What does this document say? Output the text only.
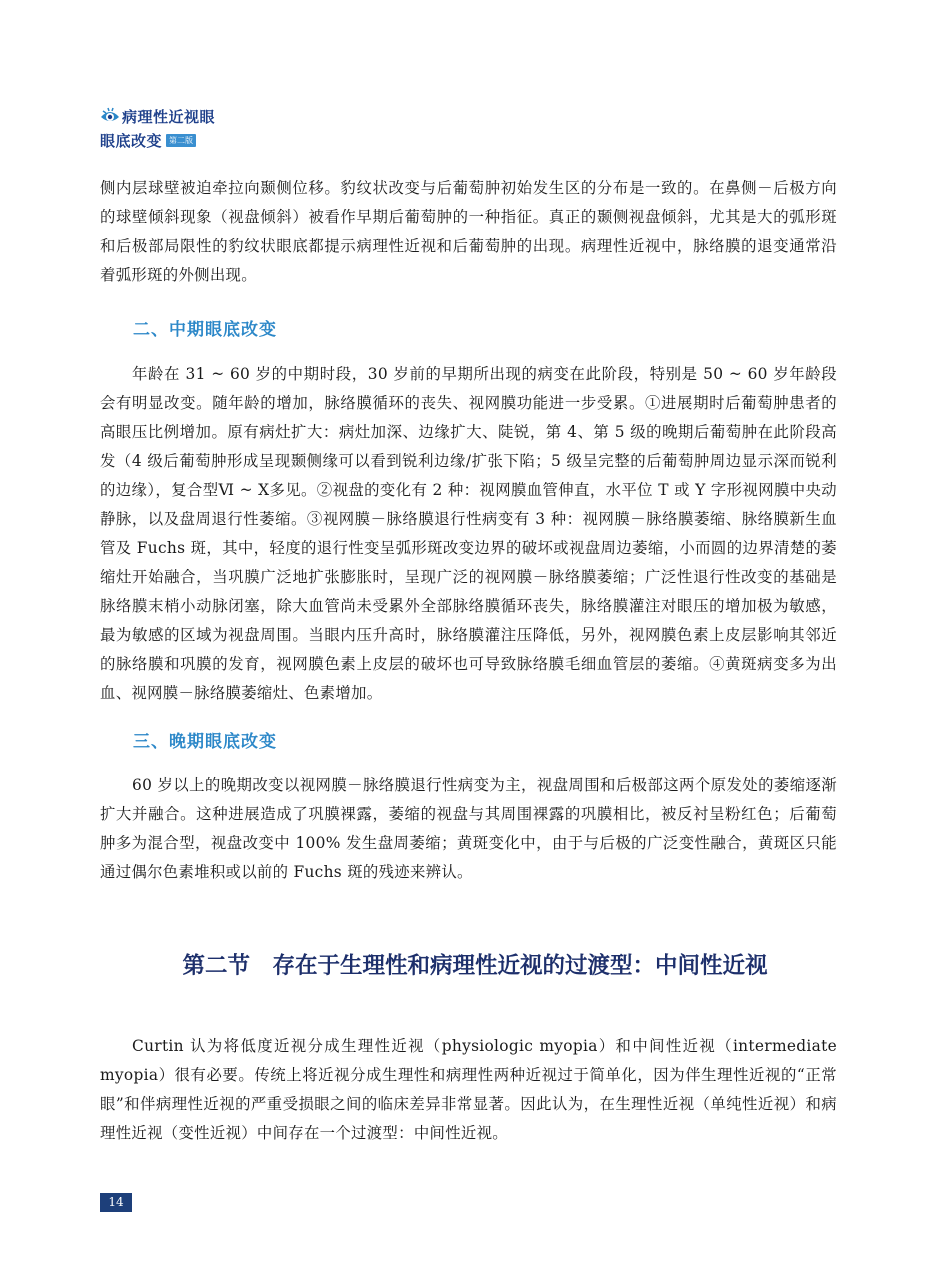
病理性近视眼
眼底改变 第二版

侧内层球壁被迫牵拉向颞侧位移。豹纹状改变与后葡萄肿初始发生区的分布是一致的。在鼻侧－后极方向的球壁倾斜现象（视盘倾斜）被看作早期后葡萄肿的一种指征。真正的颞侧视盘倾斜，尤其是大的弧形斑和后极部局限性的豹纹状眼底都提示病理性近视和后葡萄肿的出现。病理性近视中，脉络膜的退变通常沿着弧形斑的外侧出现。

二、中期眼底改变

年龄在 31 ~ 60 岁的中期时段，30 岁前的早期所出现的病变在此阶段，特别是 50 ~ 60 岁年龄段会有明显改变。随年龄的增加，脉络膜循环的丧失、视网膜功能进一步受累。①进展期时后葡萄肿患者的高眼压比例增加。原有病灶扩大：病灶加深、边缘扩大、陡锐，第 4、第 5 级的晚期后葡萄肿在此阶段高发（4 级后葡萄肿形成呈现颞侧缘可以看到锐利边缘/扩张下陷；5 级呈完整的后葡萄肿周边显示深而锐利的边缘），复合型Ⅵ ~ Ⅹ多见。②视盘的变化有 2 种：视网膜血管伸直，水平位 T 或 Y 字形视网膜中央动静脉，以及盘周退行性萎缩。③视网膜－脉络膜退行性病变有 3 种：视网膜－脉络膜萎缩、脉络膜新生血管及 Fuchs 斑，其中，轻度的退行性变呈弧形斑改变边界的破坏或视盘周边萎缩，小而圆的边界清楚的萎缩灶开始融合，当巩膜广泛地扩张膨胀时，呈现广泛的视网膜－脉络膜萎缩；广泛性退行性改变的基础是脉络膜末梢小动脉闭塞，除大血管尚未受累外全部脉络膜循环丧失，脉络膜灌注对眼压的增加极为敏感，最为敏感的区域为视盘周围。当眼内压升高时，脉络膜灌注压降低，另外，视网膜色素上皮层影响其邻近的脉络膜和巩膜的发育，视网膜色素上皮层的破坏也可导致脉络膜毛细血管层的萎缩。④黄斑病变多为出血、视网膜－脉络膜萎缩灶、色素增加。

三、晚期眼底改变

60 岁以上的晚期改变以视网膜－脉络膜退行性病变为主，视盘周围和后极部这两个原发处的萎缩逐渐扩大并融合。这种进展造成了巩膜裸露，萎缩的视盘与其周围裸露的巩膜相比，被反衬呈粉红色；后葡萄肿多为混合型，视盘改变中 100% 发生盘周萎缩；黄斑变化中，由于与后极的广泛变性融合，黄斑区只能通过偶尔色素堆积或以前的 Fuchs 斑的残迹来辨认。

第二节　存在于生理性和病理性近视的过渡型：中间性近视

Curtin 认为将低度近视分成生理性近视（physiologic myopia）和中间性近视（intermediate myopia）很有必要。传统上将近视分成生理性和病理性两种近视过于简单化，因为伴生理性近视的“正常眼”和伴病理性近视的严重受损眼之间的临床差异非常显著。因此认为，在生理性近视（单纯性近视）和病理性近视（变性近视）中间存在一个过渡型：中间性近视。

14
